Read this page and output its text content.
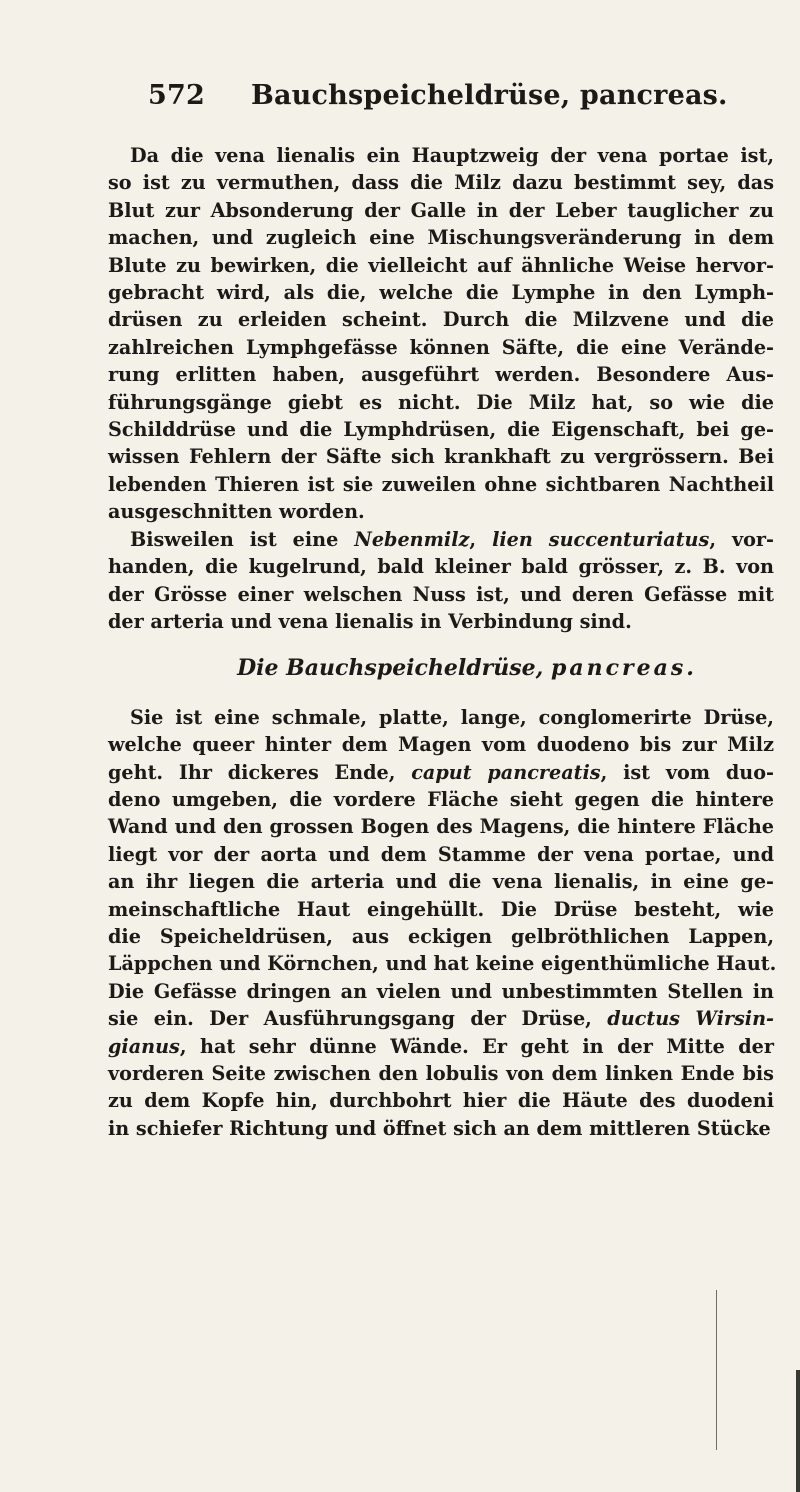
572 Bauchspeicheldrüse, pancreas.
Da die vena lienalis ein Hauptzweig der vena portae ist,
so ist zu vermuthen, dass die Milz dazu bestimmt sey, das
Blut zur Absonderung der Galle in der Leber tauglicher zu
machen, und zugleich eine Mischungsveränderung in dem
Blute zu bewirken, die vielleicht auf ähnliche Weise hervor-
gebracht wird, als die, welche die Lymphe in den Lymph-
drüsen zu erleiden scheint. Durch die Milzvene und die
zahlreichen Lymphgefässe können Säfte, die eine Verände-
rung erlitten haben, ausgeführt werden. Besondere Aus-
führungsgänge giebt es nicht. Die Milz hat, so wie die
Schilddrüse und die Lymphdrüsen, die Eigenschaft, bei ge-
wissen Fehlern der Säfte sich krankhaft zu vergrössern. Bei
lebenden Thieren ist sie zuweilen ohne sichtbaren Nachtheil
ausgeschnitten worden.
Bisweilen ist eine Nebenmilz, lien succenturiatus, vor-
handen, die kugelrund, bald kleiner bald grösser, z. B. von
der Grösse einer welschen Nuss ist, und deren Gefässe mit
der arteria und vena lienalis in Verbindung sind.
Die Bauchspeicheldrüse, pancreas.
Sie ist eine schmale, platte, lange, conglomerirte Drüse,
welche queer hinter dem Magen vom duodeno bis zur Milz
geht. Ihr dickeres Ende, caput pancreatis, ist vom duo-
deno umgeben, die vordere Fläche sieht gegen die hintere
Wand und den grossen Bogen des Magens, die hintere Fläche
liegt vor der aorta und dem Stamme der vena portae, und
an ihr liegen die arteria und die vena lienalis, in eine ge-
meinschaftliche Haut eingehüllt. Die Drüse besteht, wie
die Speicheldrüsen, aus eckigen gelbröthlichen Lappen,
Läppchen und Körnchen, und hat keine eigenthümliche Haut.
Die Gefässe dringen an vielen und unbestimmten Stellen in
sie ein. Der Ausführungsgang der Drüse, ductus Wirsin-
gianus, hat sehr dünne Wände. Er geht in der Mitte der
vorderen Seite zwischen den lobulis von dem linken Ende bis
zu dem Kopfe hin, durchbohrt hier die Häute des duodeni
in schiefer Richtung und öffnet sich an dem mittleren Stücke
